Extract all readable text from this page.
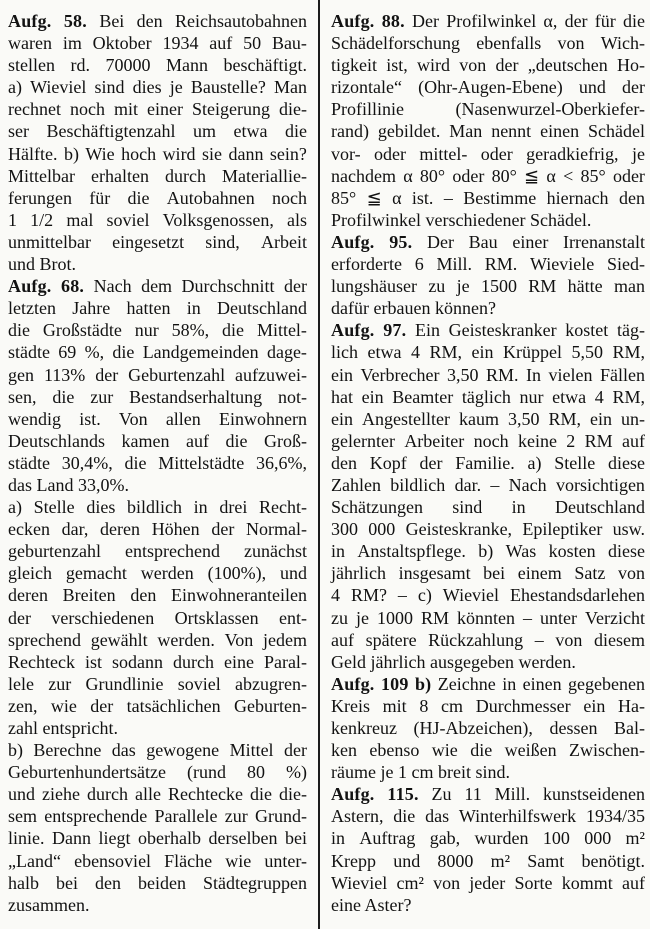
Aufg. 58. Bei den Reichsautobahnen
waren im Oktober 1934 auf 50 Bau-
stellen rd. 70000 Mann beschäftigt.
a) Wieviel sind dies je Baustelle? Man
rechnet noch mit einer Steigerung die-
ser Beschäftigtenzahl um etwa die
Hälfte. b) Wie hoch wird sie dann sein?
Mittelbar erhalten durch Materiallie-
ferungen für die Autobahnen noch
1 1/2 mal soviel Volksgenossen, als
unmittelbar eingesetzt sind, Arbeit
und Brot.
Aufg. 68. Nach dem Durchschnitt der
letzten Jahre hatten in Deutschland
die Großstädte nur 58%, die Mittel-
städte 69 %, die Landgemeinden dage-
gen 113% der Geburtenzahl aufzuwei-
sen, die zur Bestandserhaltung not-
wendig ist. Von allen Einwohnern
Deutschlands kamen auf die Groß-
städte 30,4%, die Mittelstädte 36,6%,
das Land 33,0%.
a) Stelle dies bildlich in drei Recht-
ecken dar, deren Höhen der Normal-
geburtenzahl entsprechend zunächst
gleich gemacht werden (100%), und
deren Breiten den Einwohneranteilen
der verschiedenen Ortsklassen ent-
sprechend gewählt werden. Von jedem
Rechteck ist sodann durch eine Paral-
lele zur Grundlinie soviel abzugren-
zen, wie der tatsächlichen Geburten-
zahl entspricht.
b) Berechne das gewogene Mittel der
Geburtenhundertsätze (rund 80 %)
und ziehe durch alle Rechtecke die die-
sem entsprechende Parallele zur Grund-
linie. Dann liegt oberhalb derselben bei
„Land“ ebensoviel Fläche wie unter-
halb bei den beiden Städtegruppen
zusammen.
Aufg. 88. Der Profilwinkel α, der für die
Schädelforschung ebenfalls von Wich-
tigkeit ist, wird von der „deutschen Ho-
rizontale“ (Ohr-Augen-Ebene) und der
Profillinie	(Nasenwurzel-Oberkiefer-
rand) gebildet. Man nennt einen Schädel
vor- oder mittel- oder geradkiefrig, je
nachdem α 80° oder 80° ≦ α < 85° oder
85° ≦ α ist. – Bestimme hiernach den
Profilwinkel verschiedener Schädel.
Aufg. 95. Der Bau einer Irrenanstalt
erforderte 6 Mill. RM. Wieviele Sied-
lungshäuser zu je 1500 RM hätte man
dafür erbauen können?
Aufg. 97. Ein Geisteskranker kostet täg-
lich etwa 4 RM, ein Krüppel 5,50 RM,
ein Verbrecher 3,50 RM. In vielen Fällen
hat ein Beamter täglich nur etwa 4 RM,
ein Angestellter kaum 3,50 RM, ein un-
gelernter Arbeiter noch keine 2 RM auf
den Kopf der Familie. a) Stelle diese
Zahlen bildlich dar. – Nach vorsichtigen
Schätzungen sind in Deutschland
300 000 Geisteskranke, Epileptiker usw.
in Anstaltspflege. b) Was kosten diese
jährlich insgesamt bei einem Satz von
4 RM? – c) Wieviel Ehestandsdarlehen
zu je 1000 RM könnten – unter Verzicht
auf spätere Rückzahlung – von diesem
Geld jährlich ausgegeben werden.
Aufg. 109 b) Zeichne in einen gegebenen
Kreis mit 8 cm Durchmesser ein Ha-
kenkreuz (HJ-Abzeichen), dessen Bal-
ken ebenso wie die weißen Zwischen-
räume je 1 cm breit sind.
Aufg. 115. Zu 11 Mill. kunstseidenen
Astern, die das Winterhilfswerk 1934/35
in Auftrag gab, wurden 100 000 m²
Krepp und 8000 m² Samt benötigt.
Wieviel cm² von jeder Sorte kommt auf
eine Aster?
